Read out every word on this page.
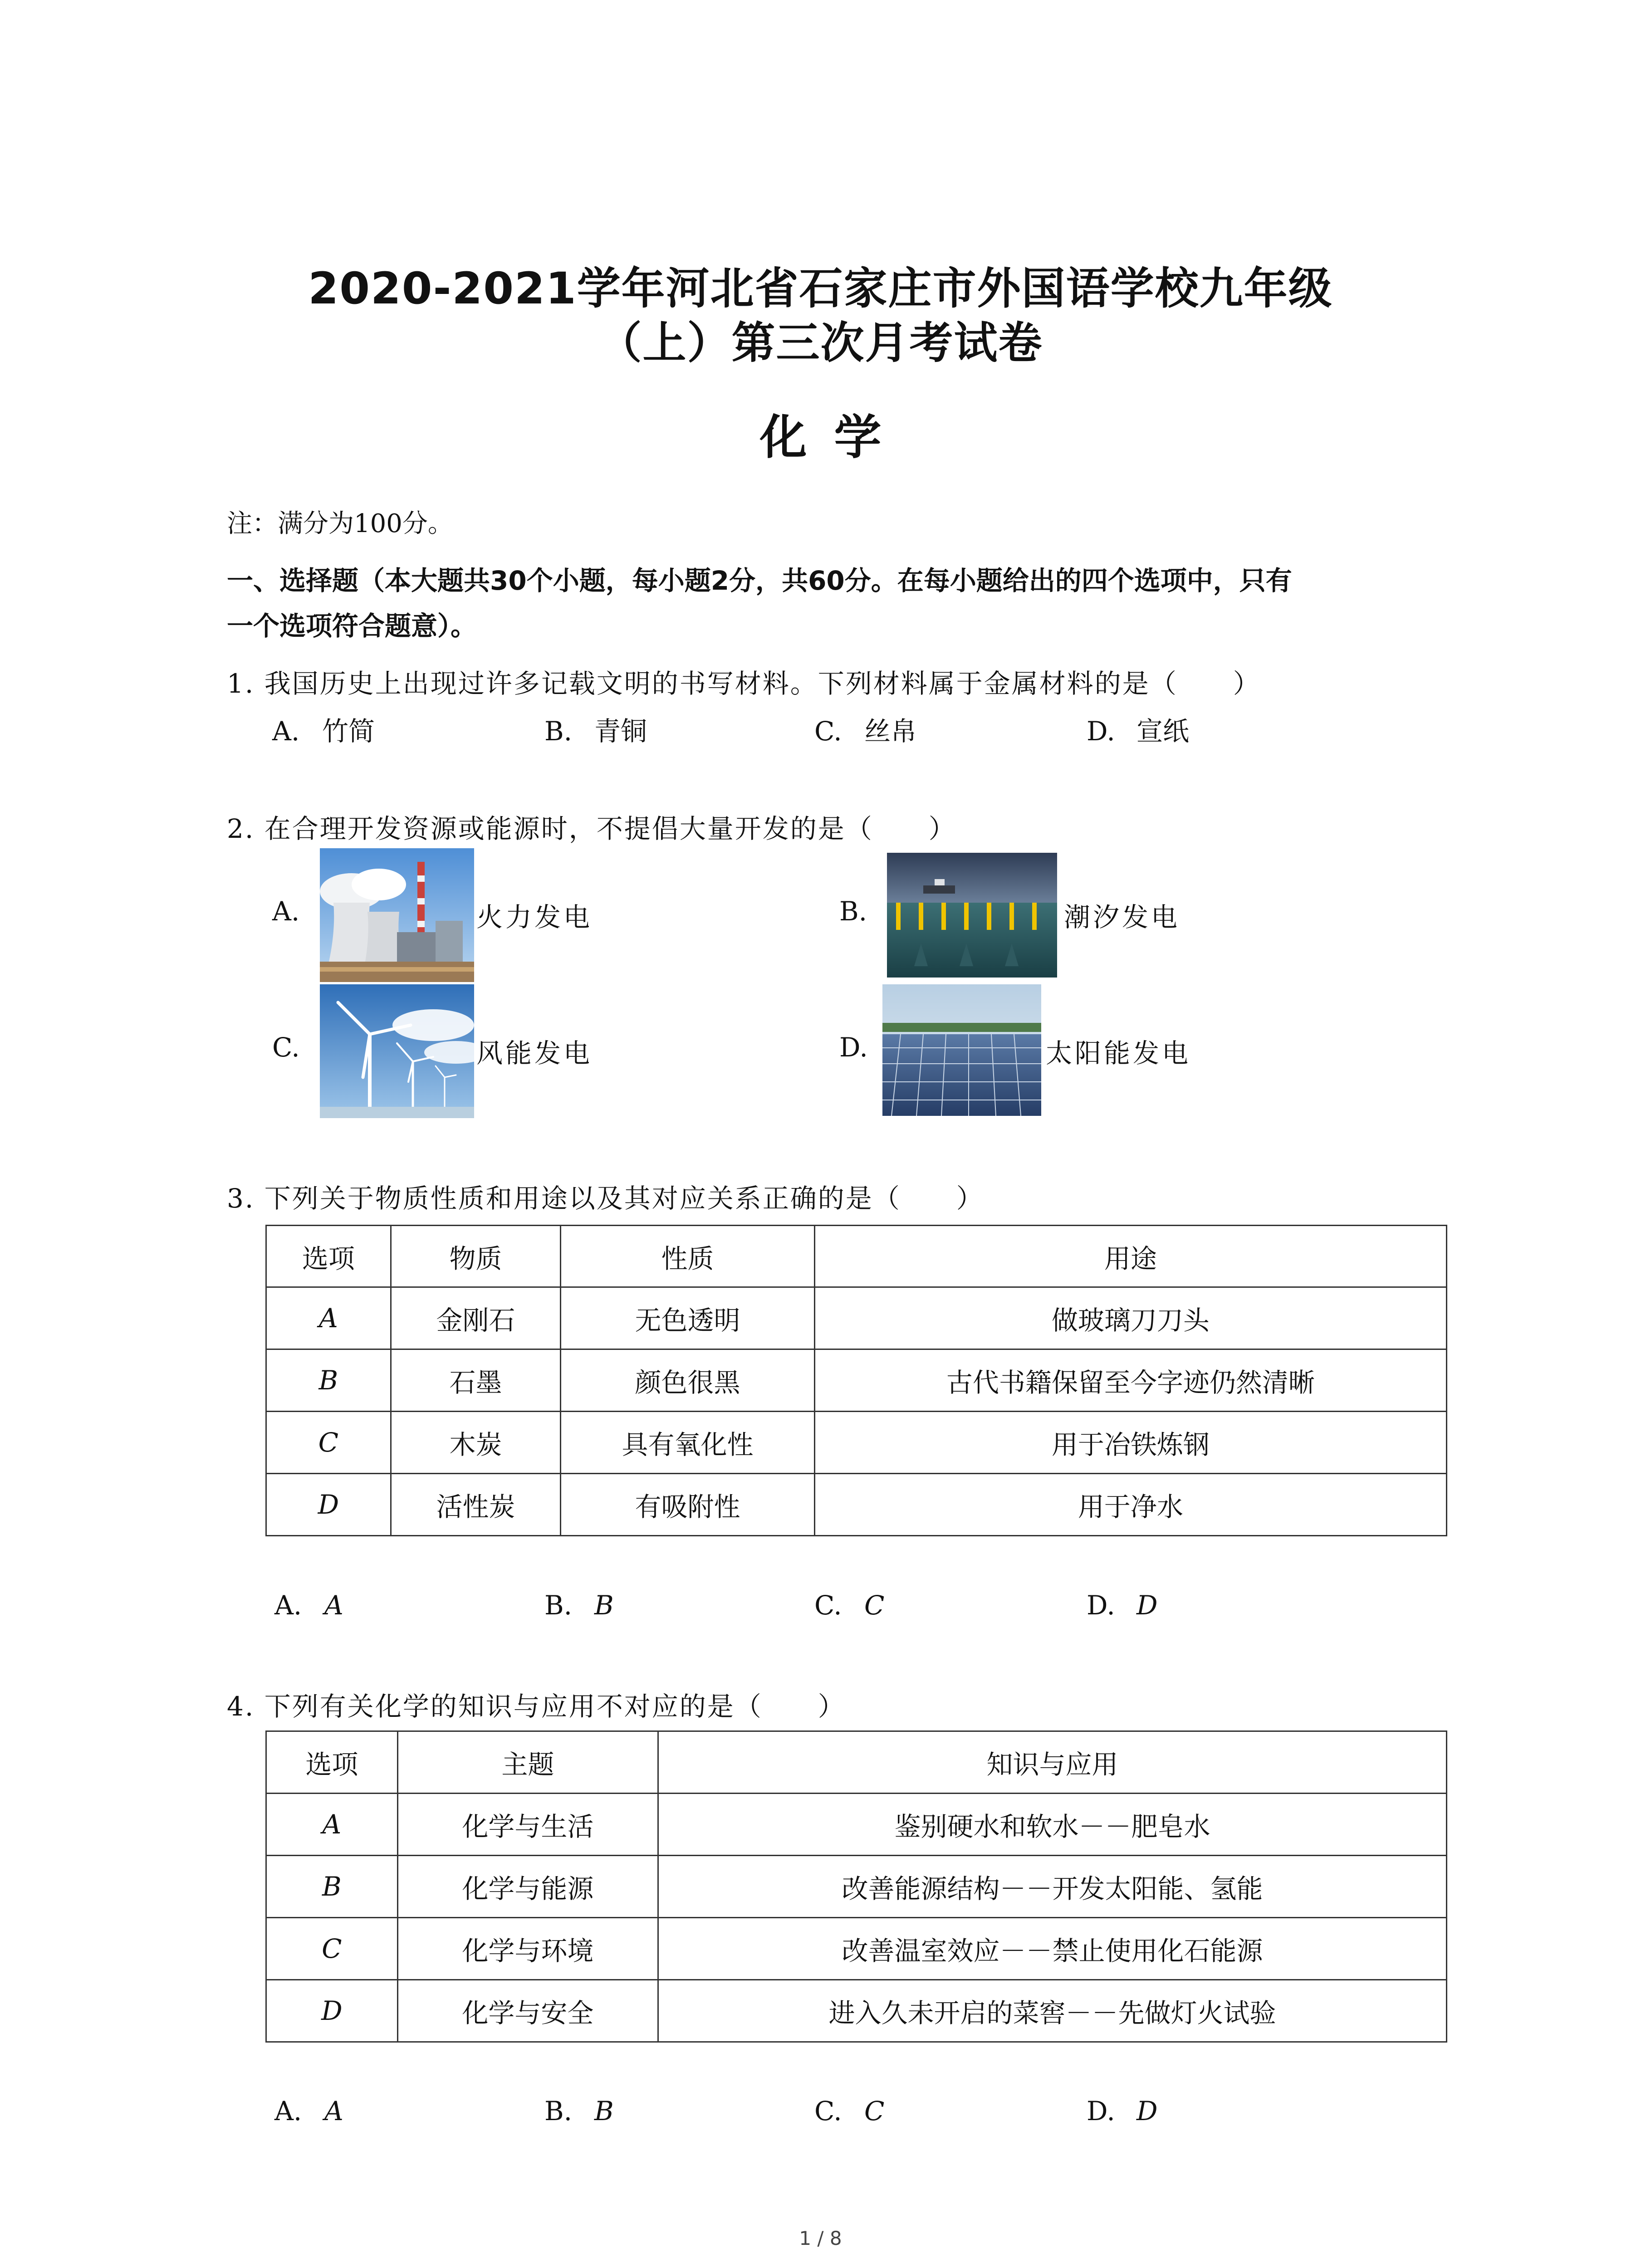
2020-2021学年河北省石家庄市外国语学校九年级
（上）第三次月考试卷
化学
注：满分为100分。
一、选择题（本大题共30个小题，每小题2分，共60分。在每小题给出的四个选项中，只有
一个选项符合题意）。
1. 我国历史上出现过许多记载文明的书写材料。下列材料属于金属材料的是（　　）
A. 竹简	B. 青铜	C. 丝帛	D. 宣纸
2. 在合理开发资源或能源时，不提倡大量开发的是（　　）
A.	火力发电	B.	潮汐发电
C.	风能发电	D.	太阳能发电
3. 下列关于物质性质和用途以及其对应关系正确的是（　　）
选项	物质	性质	用途
A	金刚石	无色透明	做玻璃刀刀头
B	石墨	颜色很黑	古代书籍保留至今字迹仍然清晰
C	木炭	具有氧化性	用于冶铁炼钢
D	活性炭	有吸附性	用于净水
A. A	B. B	C. C	D. D
4. 下列有关化学的知识与应用不对应的是（　　）
选项	主题	知识与应用
A	化学与生活	鉴别硬水和软水－－肥皂水
B	化学与能源	改善能源结构－－开发太阳能、氢能
C	化学与环境	改善温室效应－－禁止使用化石能源
D	化学与安全	进入久未开启的菜窖－－先做灯火试验
A. A	B. B	C. C	D. D
1 / 8
